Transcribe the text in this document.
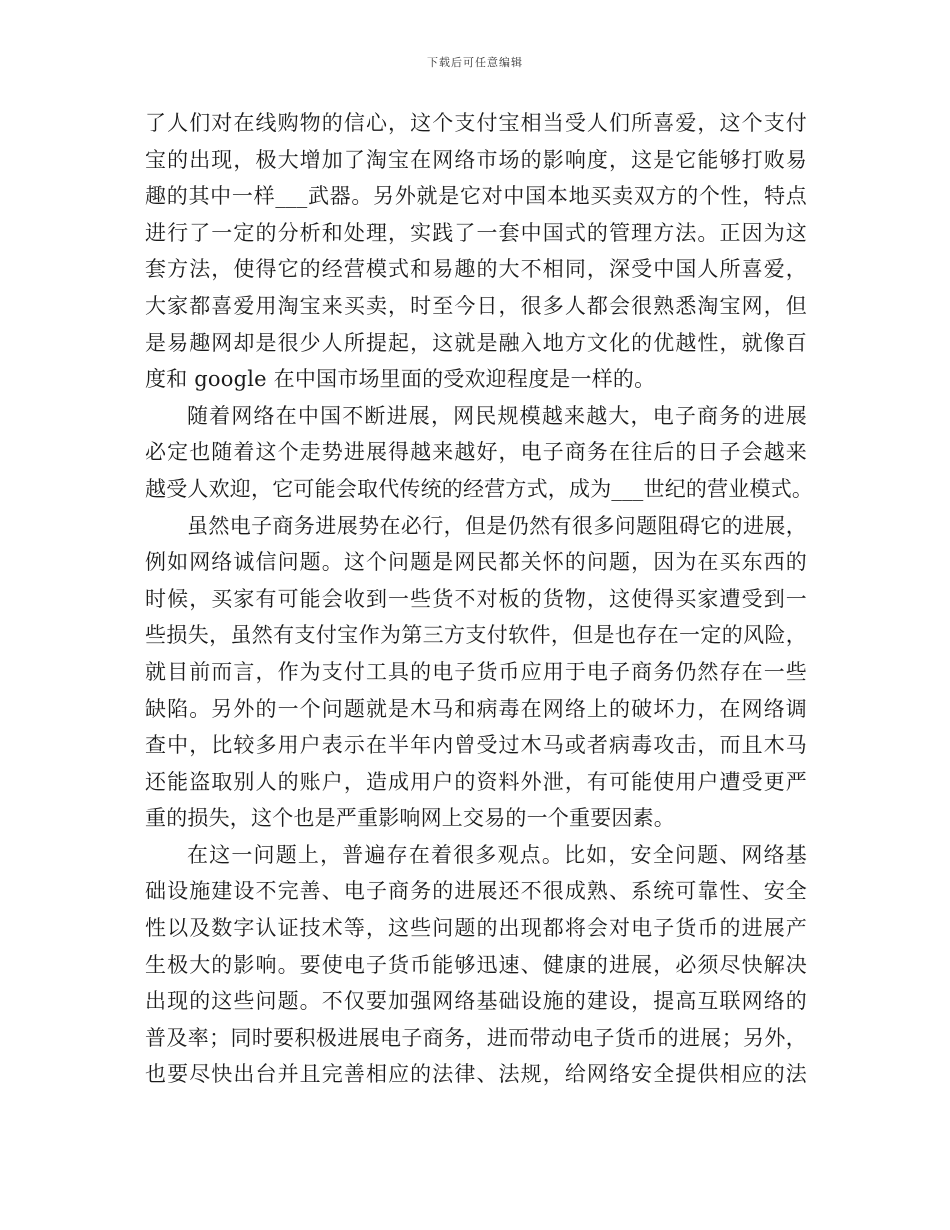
下载后可任意编辑
了人们对在线购物的信心，这个支付宝相当受人们所喜爱，这个支付
宝的出现，极大增加了淘宝在网络市场的影响度，这是它能够打败易
趣的其中一样___武器。另外就是它对中国本地买卖双方的个性，特点
进行了一定的分析和处理，实践了一套中国式的管理方法。正因为这
套方法，使得它的经营模式和易趣的大不相同，深受中国人所喜爱，
大家都喜爱用淘宝来买卖，时至今日，很多人都会很熟悉淘宝网，但
是易趣网却是很少人所提起，这就是融入地方文化的优越性，就像百
度和 google 在中国市场里面的受欢迎程度是一样的。
随着网络在中国不断进展，网民规模越来越大，电子商务的进展
必定也随着这个走势进展得越来越好，电子商务在往后的日子会越来
越受人欢迎，它可能会取代传统的经营方式，成为___世纪的营业模式。
虽然电子商务进展势在必行，但是仍然有很多问题阻碍它的进展，
例如网络诚信问题。这个问题是网民都关怀的问题，因为在买东西的
时候，买家有可能会收到一些货不对板的货物，这使得买家遭受到一
些损失，虽然有支付宝作为第三方支付软件，但是也存在一定的风险，
就目前而言，作为支付工具的电子货币应用于电子商务仍然存在一些
缺陷。另外的一个问题就是木马和病毒在网络上的破坏力，在网络调
查中，比较多用户表示在半年内曾受过木马或者病毒攻击，而且木马
还能盗取别人的账户，造成用户的资料外泄，有可能使用户遭受更严
重的损失，这个也是严重影响网上交易的一个重要因素。
在这一问题上，普遍存在着很多观点。比如，安全问题、网络基
础设施建设不完善、电子商务的进展还不很成熟、系统可靠性、安全
性以及数字认证技术等，这些问题的出现都将会对电子货币的进展产
生极大的影响。要使电子货币能够迅速、健康的进展，必须尽快解决
出现的这些问题。不仅要加强网络基础设施的建设，提高互联网络的
普及率；同时要积极进展电子商务，进而带动电子货币的进展；另外，
也要尽快出台并且完善相应的法律、法规，给网络安全提供相应的法
